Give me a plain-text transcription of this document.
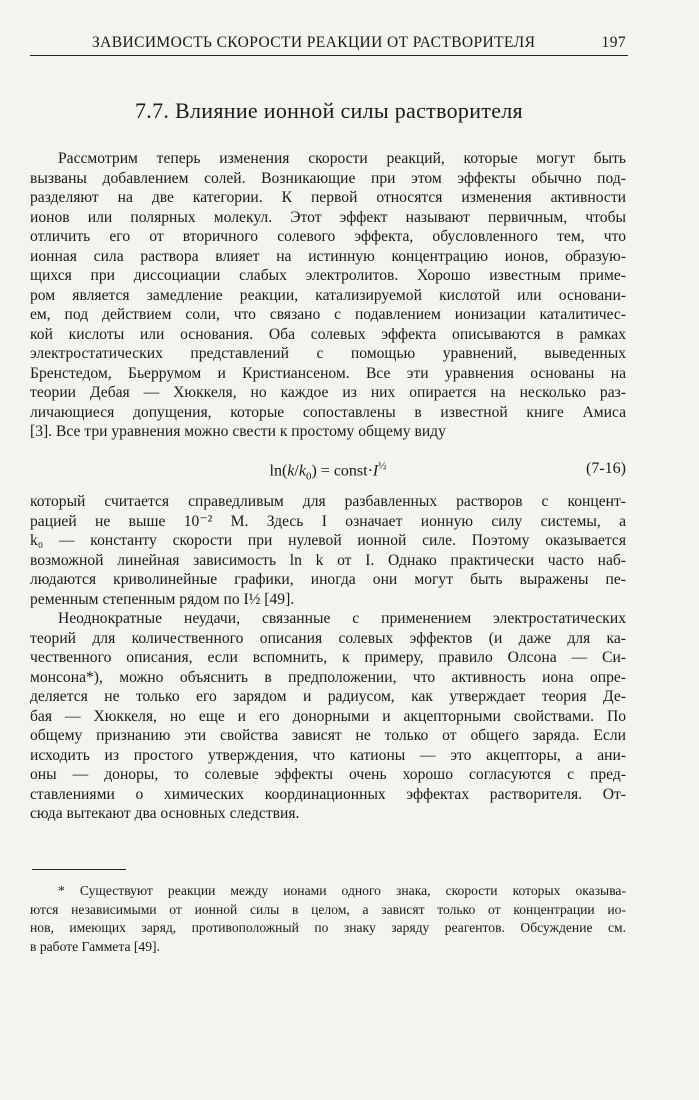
ЗАВИСИМОСТЬ СКОРОСТИ РЕАКЦИИ ОТ РАСТВОРИТЕЛЯ	197
7.7. Влияние ионной силы растворителя

Рассмотрим теперь изменения скорости реакций, которые могут быть

вызваны добавлением солей. Возникающие при этом эффекты обычно под-

разделяют на две категории. К первой относятся изменения активности

ионов или полярных молекул. Этот эффект называют первичным, чтобы

отличить его от вторичного солевого эффекта, обусловленного тем, что

ионная сила раствора влияет на истинную концентрацию ионов, образую-

щихся при диссоциации слабых электролитов. Хорошо известным приме-

ром является замедление реакции, катализируемой кислотой или основани-

ем, под действием соли, что связано с подавлением ионизации каталитичес-

кой кислоты или основания. Оба солевых эффекта описываются в рамках

электростатических представлений с помощью уравнений, выведенных

Бренстедом, Бьеррумом и Кристиансеном. Все эти уравнения основаны на

теории Дебая — Хюккеля, но каждое из них опирается на несколько раз-

личающиеся допущения, которые сопоставлены в известной книге Амиса

[3]. Все три уравнения можно свести к простому общему виду

$\ln(k/k_0)$ = $const\cdot I^{\frac{1}{2}}$	(7-16)

который считается справедливым для разбавленных растворов с концент-

рацией не выше 10⁻² М. Здесь I означает ионную силу системы, а

k₀ — константу скорости при нулевой ионной силе. Поэтому оказывается

возможной линейная зависимость ln k от I. Однако практически часто наб-

людаются криволинейные графики, иногда они могут быть выражены пе-

ременным степенным рядом по I½ [49].

Неоднократные неудачи, связанные с применением электростатических

теорий для количественного описания солевых эффектов (и даже для ка-

чественного описания, если вспомнить, к примеру, правило Олсона — Си-

монсона*), можно объяснить в предположении, что активность иона опре-

деляется не только его зарядом и радиусом, как утверждает теория Де-

бая — Хюккеля, но еще и его донорными и акцепторными свойствами. По

общему признанию эти свойства зависят не только от общего заряда. Если

исходить из простого утверждения, что катионы — это акцепторы, а ани-

оны — доноры, то солевые эффекты очень хорошо согласуются с пред-

ставлениями о химических координационных эффектах растворителя. От-

сюда вытекают два основных следствия.

* Существуют реакции между ионами одного знака, скорости которых оказыва-

ются независимыми от ионной силы в целом, а зависят только от концентрации ио-

нов, имеющих заряд, противоположный по знаку заряду реагентов. Обсуждение см.

в работе Гаммета [49].
